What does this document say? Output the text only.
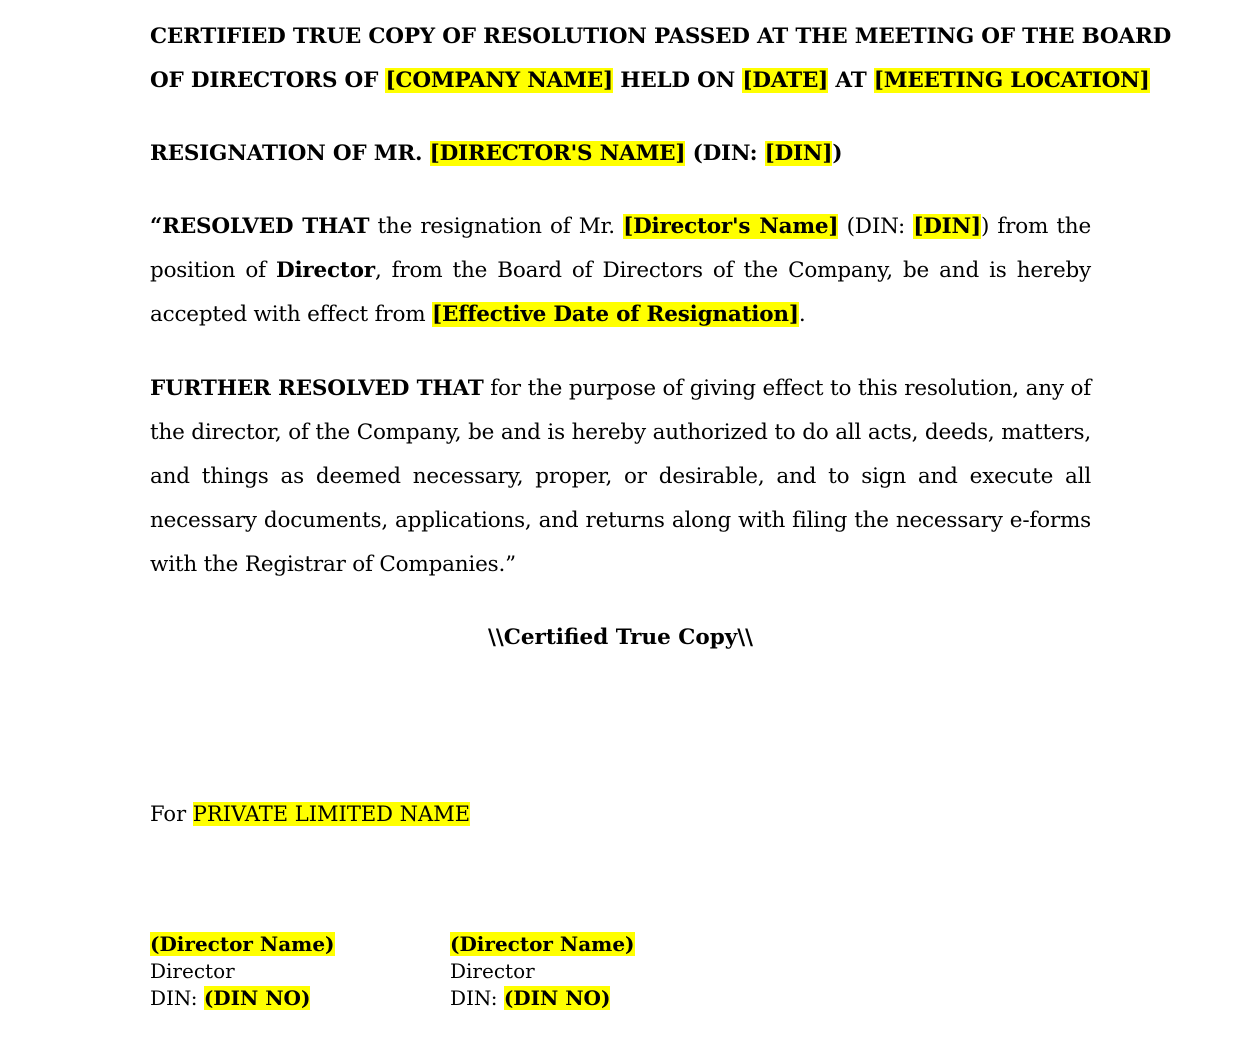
CERTIFIED TRUE COPY OF RESOLUTION PASSED AT THE MEETING OF THE BOARD
OF DIRECTORS OF [COMPANY NAME] HELD ON [DATE] AT [MEETING LOCATION]
RESIGNATION OF MR. [DIRECTOR'S NAME] (DIN: [DIN])
“RESOLVED THAT the resignation of Mr. [Director's Name] (DIN: [DIN]) from the position of Director, from the Board of Directors of the Company, be and is hereby accepted with effect from [Effective Date of Resignation].
FURTHER RESOLVED THAT for the purpose of giving effect to this resolution, any of the director, of the Company, be and is hereby authorized to do all acts, deeds, matters, and things as deemed necessary, proper, or desirable, and to sign and execute all necessary documents, applications, and returns along with filing the necessary e-forms with the Registrar of Companies.”
\\Certified True Copy\\
For PRIVATE LIMITED NAME
(Director Name)
Director
DIN: (DIN NO)
(Director Name)
Director
DIN: (DIN NO)
